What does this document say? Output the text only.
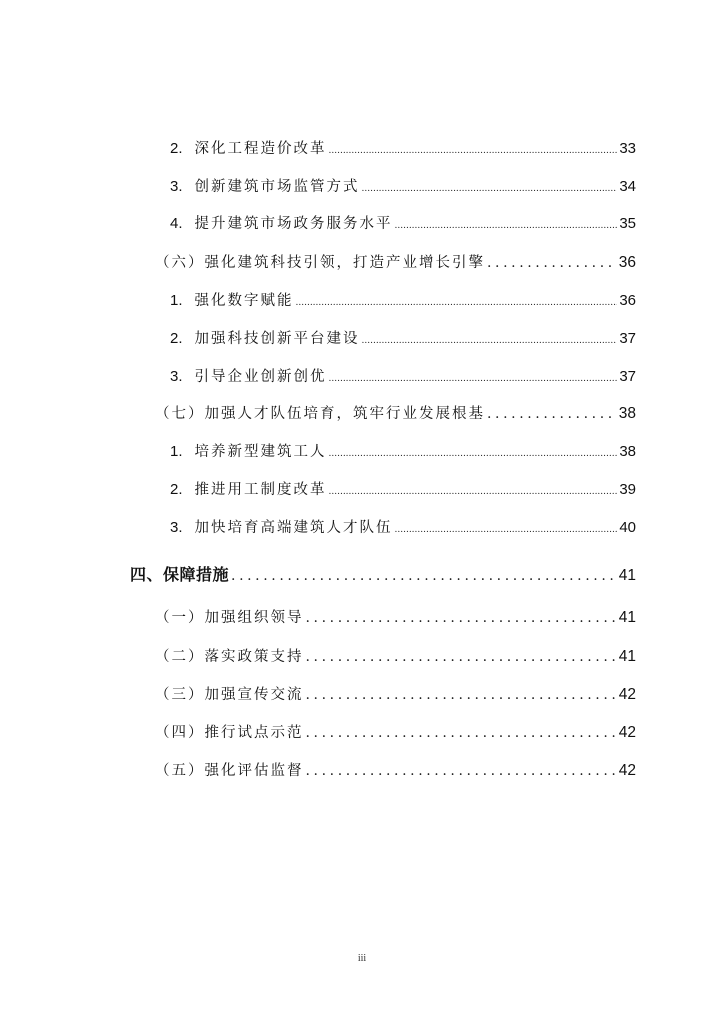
2. 深化工程造价改革 .....	33
3. 创新建筑市场监管方式 .....	34
4. 提升建筑市场政务服务水平 .....	35
（六）强化建筑科技引领，打造产业增长引擎 .....	36
1. 强化数字赋能 .....	36
2. 加强科技创新平台建设 .....	37
3. 引导企业创新创优 .....	37
（七）加强人才队伍培育，筑牢行业发展根基 .....	38
1. 培养新型建筑工人 .....	38
2. 推进用工制度改革 .....	39
3. 加快培育高端建筑人才队伍 .....	40
四、保障措施 .....	41
（一）加强组织领导 .....	41
（二）落实政策支持 .....	41
（三）加强宣传交流 .....	42
（四）推行试点示范 .....	42
（五）强化评估监督 .....	42
iii
